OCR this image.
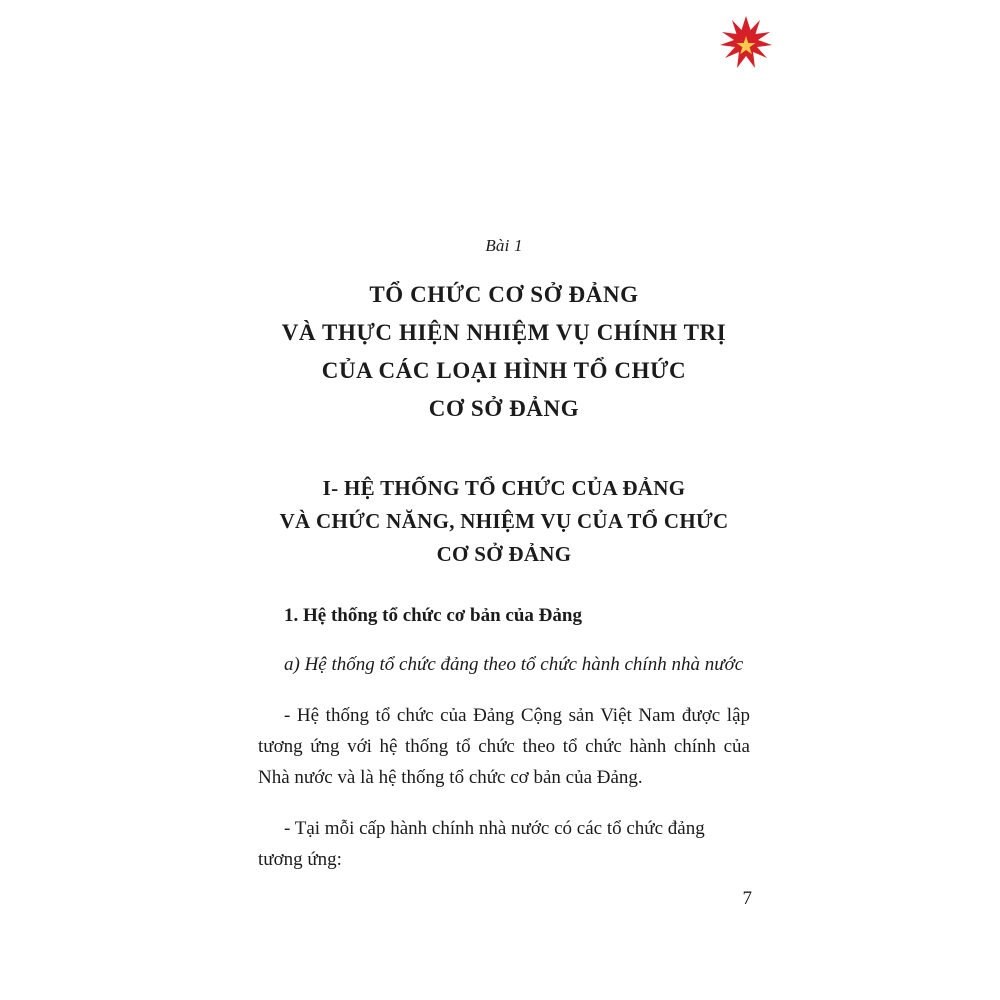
Bài 1

TỔ CHỨC CƠ SỞ ĐẢNG
VÀ THỰC HIỆN NHIỆM VỤ CHÍNH TRỊ
CỦA CÁC LOẠI HÌNH TỔ CHỨC
CƠ SỞ ĐẢNG
I- HỆ THỐNG TỔ CHỨC CỦA ĐẢNG
VÀ CHỨC NĂNG, NHIỆM VỤ CỦA TỔ CHỨC
CƠ SỞ ĐẢNG
1. Hệ thống tổ chức cơ bản của Đảng

a) Hệ thống tổ chức đảng theo tổ chức hành chính nhà nước

- Hệ thống tổ chức của Đảng Cộng sản Việt Nam được lập tương ứng với hệ thống tổ chức theo tổ chức hành chính của Nhà nước và là hệ thống tổ chức cơ bản của Đảng.

- Tại mỗi cấp hành chính nhà nước có các tổ chức đảng tương ứng:

7
